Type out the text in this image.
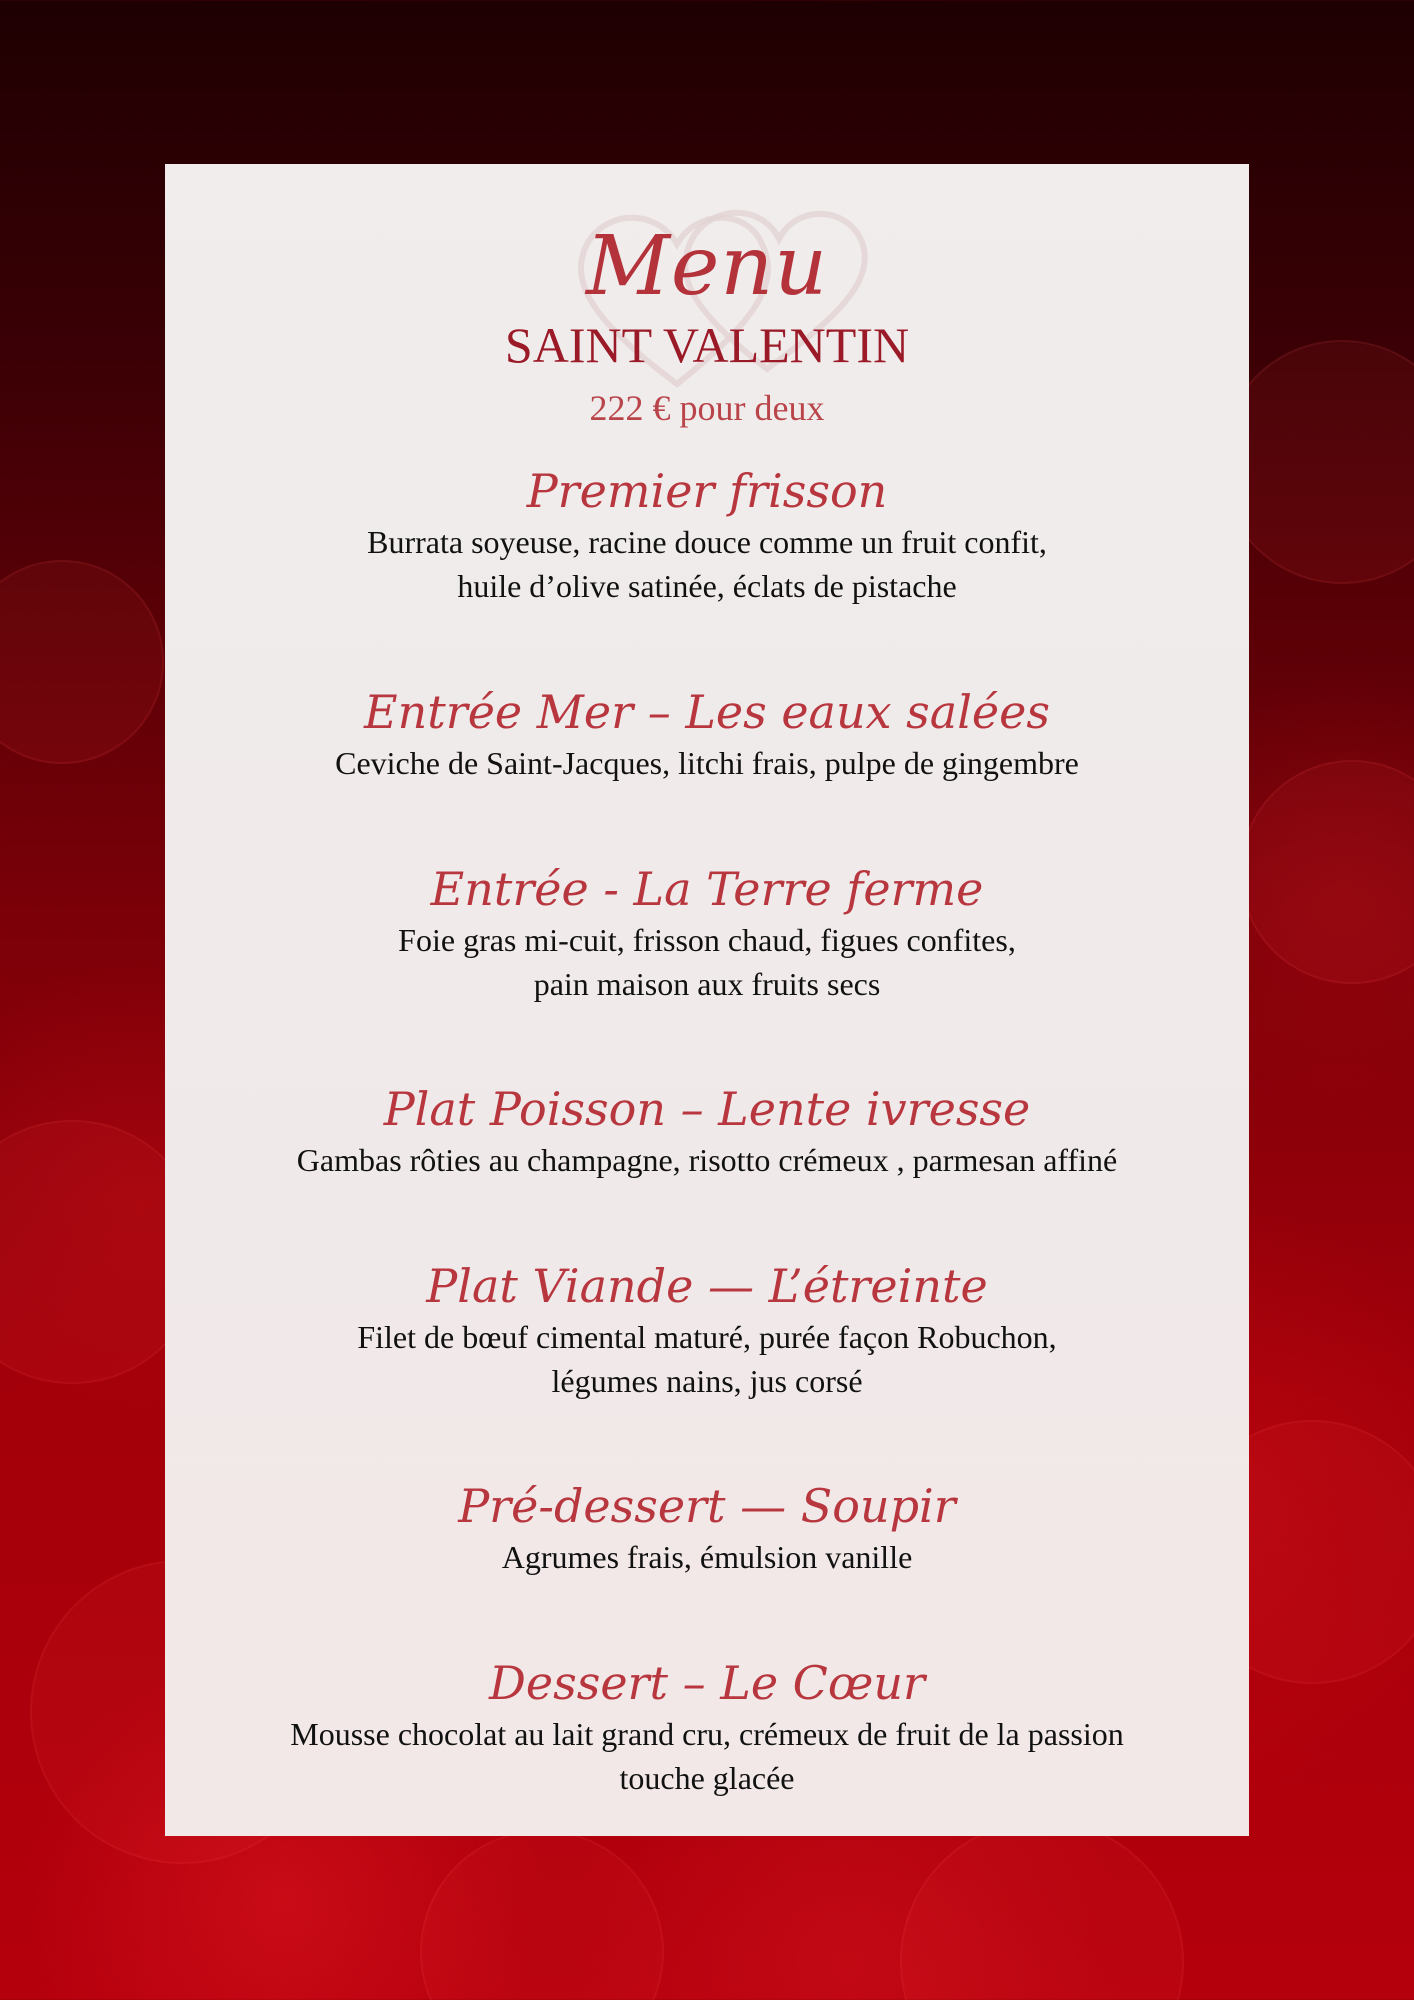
Menu
SAINT VALENTIN
222 € pour deux
Premier frisson
Burrata soyeuse, racine douce comme un fruit confit,
huile d’olive satinée, éclats de pistache
Entrée Mer – Les eaux salées
Ceviche de Saint-Jacques, litchi frais, pulpe de gingembre
Entrée - La Terre ferme
Foie gras mi-cuit, frisson chaud, figues confites,
pain maison aux fruits secs
Plat Poisson – Lente ivresse
Gambas rôties au champagne, risotto crémeux , parmesan affiné
Plat Viande — L’étreinte
Filet de bœuf cimental maturé, purée façon Robuchon,
légumes nains, jus corsé
Pré-dessert — Soupir
Agrumes frais, émulsion vanille
Dessert – Le Cœur
Mousse chocolat au lait grand cru, crémeux de fruit de la passion
touche glacée
